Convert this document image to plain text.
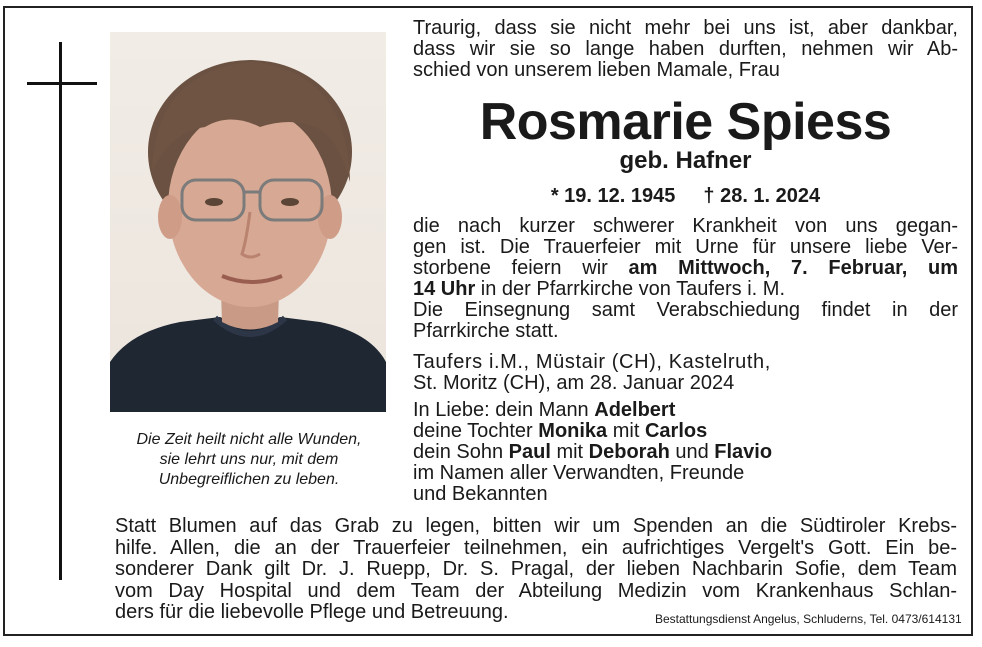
Die Zeit heilt nicht alle Wunden,
sie lehrt uns nur, mit dem
Unbegreiflichen zu leben.
Traurig, dass sie nicht mehr bei uns ist, aber dankbar,
dass wir sie so lange haben durften, nehmen wir Ab-
schied von unserem lieben Mamale, Frau
Rosmarie Spiess
geb. Hafner
* 19. 12. 1945 † 28. 1. 2024
die nach kurzer schwerer Krankheit von uns gegan-
gen ist. Die Trauerfeier mit Urne für unsere liebe Ver-
storbene feiern wir am Mittwoch, 7. Februar, um
14 Uhr in der Pfarrkirche von Taufers i. M.
Die Einsegnung samt Verabschiedung findet in der
Pfarrkirche statt.
Taufers i.M., Müstair (CH), Kastelruth,
St. Moritz (CH), am 28. Januar 2024
In Liebe: dein Mann Adelbert
deine Tochter Monika mit Carlos
dein Sohn Paul mit Deborah und Flavio
im Namen aller Verwandten, Freunde
und Bekannten
Statt Blumen auf das Grab zu legen, bitten wir um Spenden an die Südtiroler Krebs-
hilfe. Allen, die an der Trauerfeier teilnehmen, ein aufrichtiges Vergelt's Gott. Ein be-
sonderer Dank gilt Dr. J. Ruepp, Dr. S. Pragal, der lieben Nachbarin Sofie, dem Team
vom Day Hospital und dem Team der Abteilung Medizin vom Krankenhaus Schlan-
ders für die liebevolle Pflege und Betreuung.	Bestattungsdienst Angelus, Schluderns, Tel. 0473/614131
